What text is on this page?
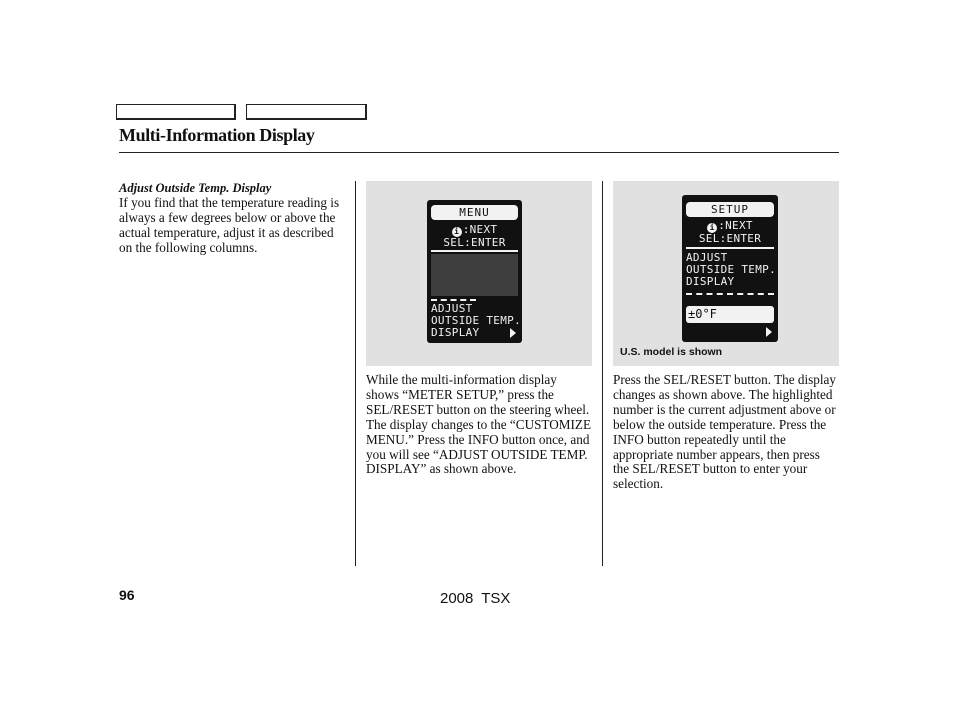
Multi-Information Display
Adjust Outside Temp. Display
If you find that the temperature reading is always a few degrees below or above the actual temperature, adjust it as described on the following columns.
MENU
i :NEXT
SEL:ENTER
ADJUST
OUTSIDE TEMP.
DISPLAY
While the multi-information display shows “METER SETUP,” press the SEL/RESET button on the steering wheel. The display changes to the “CUSTOMIZE MENU.” Press the INFO button once, and you will see “ADJUST OUTSIDE TEMP. DISPLAY” as shown above.
SETUP
i :NEXT
SEL:ENTER
ADJUST
OUTSIDE TEMP.
DISPLAY
±0°F
U.S. model is shown
Press the SEL/RESET button. The display changes as shown above. The highlighted number is the current adjustment above or below the outside temperature. Press the INFO button repeatedly until the appropriate number appears, then press the SEL/RESET button to enter your selection.
96	2008 TSX
